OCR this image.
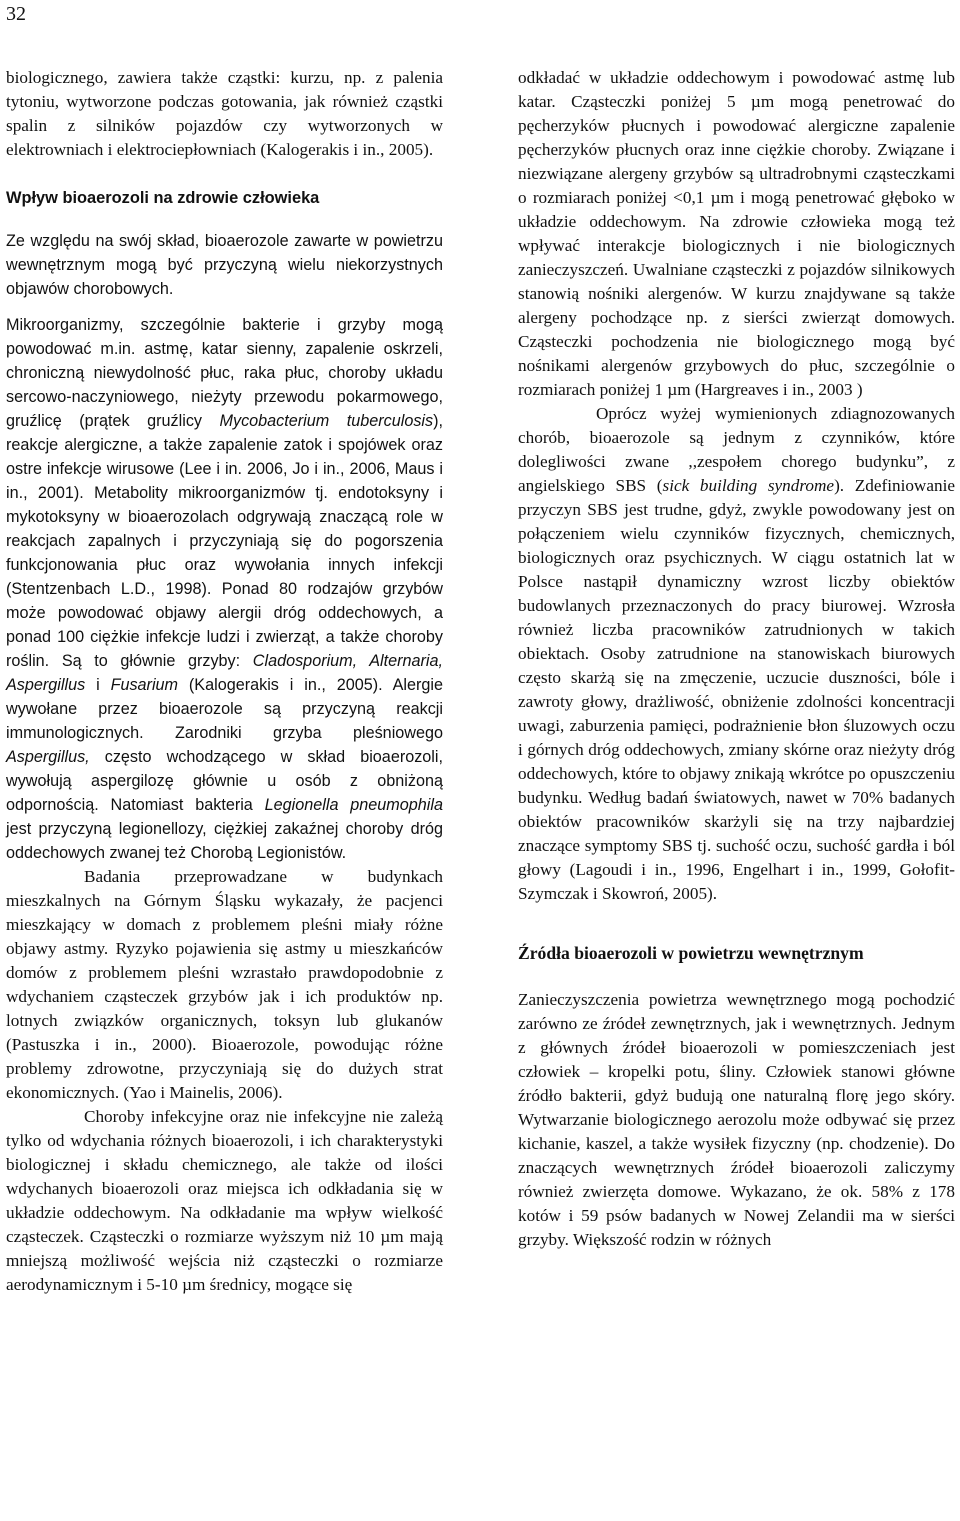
32

biologicznego, zawiera także cząstki: kurzu, np. z palenia tytoniu, wytworzone podczas gotowania, jak również cząstki spalin z silników pojazdów czy wytworzonych w elektrowniach i elektrociepłowniach (Kalogerakis i in., 2005).

Wpływ bioaerozoli na zdrowie człowieka

Ze względu na swój skład, bioaerozole zawarte w powietrzu wewnętrznym mogą być przyczyną wielu niekorzystnych objawów chorobowych.

Mikroorganizmy, szczególnie bakterie i grzyby mogą powodować m.in. astmę, katar sienny, zapalenie oskrzeli, chroniczną niewydolność płuc, raka płuc, choroby układu sercowo-naczyniowego, nieżyty przewodu pokarmowego, gruźlicę (prątek gruźlicy Mycobacterium tuberculosis), reakcje alergiczne, a także zapalenie zatok i spojówek oraz ostre infekcje wirusowe (Lee i in. 2006, Jo i in., 2006, Maus i in., 2001). Metabolity mikroorganizmów tj. endotoksyny i mykotoksyny w bioaerozolach odgrywają znaczącą role w reakcjach zapalnych i przyczyniają się do pogorszenia funkcjonowania płuc oraz wywołania innych infekcji (Stentzenbach L.D., 1998). Ponad 80 rodzajów grzybów może powodować objawy alergii dróg oddechowych, a ponad 100 ciężkie infekcje ludzi i zwierząt, a także choroby roślin. Są to głównie grzyby: Cladosporium, Alternaria, Aspergillus i Fusarium (Kalogerakis i in., 2005). Alergie wywołane przez bioaerozole są przyczyną reakcji immunologicznych. Zarodniki grzyba pleśniowego Aspergillus, często wchodzącego w skład bioaerozoli, wywołują aspergilozę głównie u osób z obniżoną odpornością. Natomiast bakteria Legionella pneumophila jest przyczyną legionellozy, ciężkiej zakaźnej choroby dróg oddechowych zwanej też Chorobą Legionistów.

Badania przeprowadzane w budynkach mieszkalnych na Górnym Śląsku wykazały, że pacjenci mieszkający w domach z problemem pleśni miały różne objawy astmy. Ryzyko pojawienia się astmy u mieszkańców domów z problemem pleśni wzrastało prawdopodobnie z wdychaniem cząsteczek grzybów jak i ich produktów np. lotnych związków organicznych, toksyn lub glukanów (Pastuszka i in., 2000). Bioaerozole, powodując różne problemy zdrowotne, przyczyniają się do dużych strat ekonomicznych. (Yao i Mainelis, 2006).

Choroby infekcyjne oraz nie infekcyjne nie zależą tylko od wdychania różnych bioaerozoli, i ich charakterystyki biologicznej i składu chemicznego, ale także od ilości wdychanych bioaerozoli oraz miejsca ich odkładania się w układzie oddechowym. Na odkładanie ma wpływ wielkość cząsteczek. Cząsteczki o rozmiarze wyższym niż 10 µm mają mniejszą możliwość wejścia niż cząsteczki o rozmiarze aerodynamicznym i 5-10 µm średnicy, mogące się

odkładać w układzie oddechowym i powodować astmę lub katar. Cząsteczki poniżej 5 µm mogą penetrować do pęcherzyków płucnych i powodować alergiczne zapalenie pęcherzyków płucnych oraz inne ciężkie choroby. Związane i niezwiązane alergeny grzybów są ultradrobnymi cząsteczkami o rozmiarach poniżej <0,1 µm i mogą penetrować głęboko w układzie oddechowym. Na zdrowie człowieka mogą też wpływać interakcje biologicznych i nie biologicznych zanieczyszczeń. Uwalniane cząsteczki z pojazdów silnikowych stanowią nośniki alergenów. W kurzu znajdywane są także alergeny pochodzące np. z sierści zwierząt domowych. Cząsteczki pochodzenia nie biologicznego mogą być nośnikami alergenów grzybowych do płuc, szczególnie o rozmiarach poniżej 1 µm (Hargreaves i in., 2003 )

Oprócz wyżej wymienionych zdiagnozowanych chorób, bioaerozole są jednym z czynników, które dolegliwości zwane ,,zespołem chorego budynku”, z angielskiego SBS (sick building syndrome). Zdefiniowanie przyczyn SBS jest trudne, gdyż, zwykle powodowany jest on połączeniem wielu czynników fizycznych, chemicznych, biologicznych oraz psychicznych. W ciągu ostatnich lat w Polsce nastąpił dynamiczny wzrost liczby obiektów budowlanych przeznaczonych do pracy biurowej. Wzrosła również liczba pracowników zatrudnionych w takich obiektach. Osoby zatrudnione na stanowiskach biurowych często skarżą się na zmęczenie, uczucie duszności, bóle i zawroty głowy, drażliwość, obniżenie zdolności koncentracji uwagi, zaburzenia pamięci, podrażnienie błon śluzowych oczu i górnych dróg oddechowych, zmiany skórne oraz nieżyty dróg oddechowych, które to objawy znikają wkrótce po opuszczeniu budynku. Według badań światowych, nawet w 70% badanych obiektów pracowników skarżyli się na trzy najbardziej znaczące symptomy SBS tj. suchość oczu, suchość gardła i ból głowy (Lagoudi i in., 1996, Engelhart i in., 1999, Gołofit-Szymczak i Skowroń, 2005).

Źródła bioaerozoli w powietrzu wewnętrznym

Zanieczyszczenia powietrza wewnętrznego mogą pochodzić zarówno ze źródeł zewnętrznych, jak i wewnętrznych. Jednym z głównych źródeł bioaerozoli w pomieszczeniach jest człowiek – kropelki potu, śliny. Człowiek stanowi główne źródło bakterii, gdyż budują one naturalną florę jego skóry. Wytwarzanie biologicznego aerozolu może odbywać się przez kichanie, kaszel, a także wysiłek fizyczny (np. chodzenie). Do znaczących wewnętrznych źródeł bioaerozoli zaliczymy również zwierzęta domowe. Wykazano, że ok. 58% z 178 kotów i 59 psów badanych w Nowej Zelandii ma w sierści grzyby. Większość rodzin w różnych
